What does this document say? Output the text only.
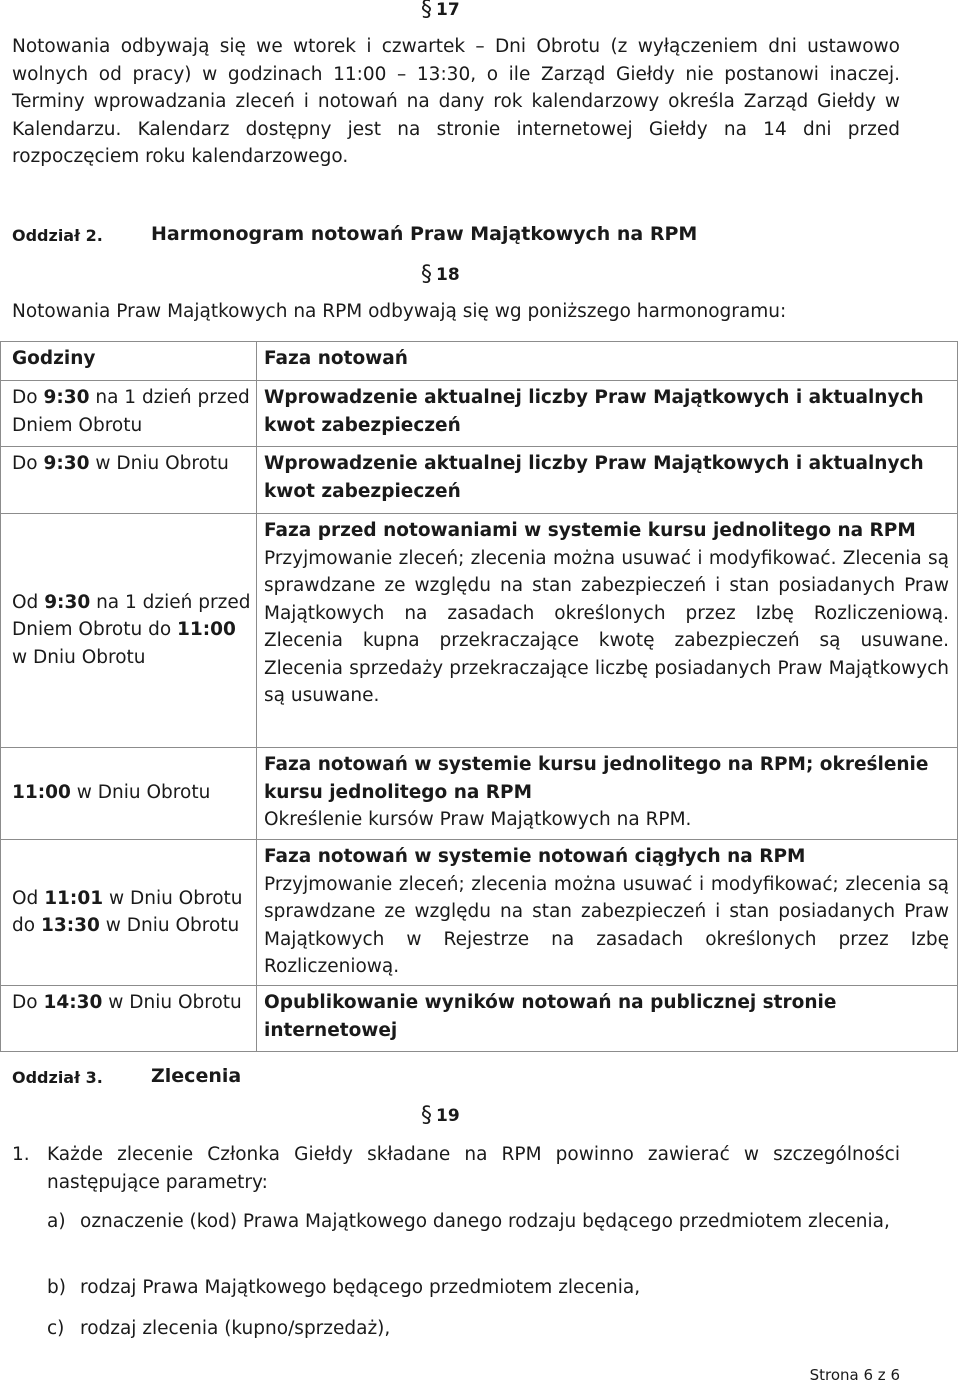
§ 17
Notowania odbywają się we wtorek i czwartek – Dni Obrotu (z wyłączeniem dni ustawowo wolnych od pracy) w godzinach 11:00 – 13:30, o ile Zarząd Giełdy nie postanowi inaczej. Terminy wprowadzania zleceń i notowań na dany rok kalendarzowy określa Zarząd Giełdy w Kalendarzu. Kalendarz dostępny jest na stronie internetowej Giełdy na 14 dni przed rozpoczęciem roku kalendarzowego.
Oddział 2.	Harmonogram notowań Praw Majątkowych na RPM
§ 18
Notowania Praw Majątkowych na RPM odbywają się wg poniższego harmonogramu:
Godziny	Faza notowań
Do 9:30 na 1 dzień przed Dniem Obrotu	Wprowadzenie aktualnej liczby Praw Majątkowych i aktualnych kwot zabezpieczeń
Do 9:30 w Dniu Obrotu	Wprowadzenie aktualnej liczby Praw Majątkowych i aktualnych kwot zabezpieczeń
Od 9:30 na 1 dzień przed Dniem Obrotu do 11:00 w Dniu Obrotu	Faza przed notowaniami w systemie kursu jednolitego na RPM
Przyjmowanie zleceń; zlecenia można usuwać i modyfikować. Zlecenia są sprawdzane ze względu na stan zabezpieczeń i stan posiadanych Praw Majątkowych na zasadach określonych przez Izbę Rozliczeniową. Zlecenia kupna przekraczające kwotę zabezpieczeń są usuwane. Zlecenia sprzedaży przekraczające liczbę posiadanych Praw Majątkowych są usuwane.

11:00 w Dniu Obrotu	Faza notowań w systemie kursu jednolitego na RPM; określenie kursu jednolitego na RPM
Określenie kursów Praw Majątkowych na RPM.

Od 11:01 w Dniu Obrotu do 13:30 w Dniu Obrotu	Faza notowań w systemie notowań ciągłych na RPM
Przyjmowanie zleceń; zlecenia można usuwać i modyfikować; zlecenia są sprawdzane ze względu na stan zabezpieczeń i stan posiadanych Praw Majątkowych w Rejestrze na zasadach określonych przez Izbę Rozliczeniową.

Do 14:30 w Dniu Obrotu	Opublikowanie wyników notowań na publicznej stronie internetowej
Oddział 3.	Zlecenia
§ 19
1. Każde zlecenie Członka Giełdy składane na RPM powinno zawierać w szczególności następujące parametry:
a) oznaczenie (kod) Prawa Majątkowego danego rodzaju będącego przedmiotem zlecenia,
b) rodzaj Prawa Majątkowego będącego przedmiotem zlecenia,
c) rodzaj zlecenia (kupno/sprzedaż),
Strona 6 z 6
